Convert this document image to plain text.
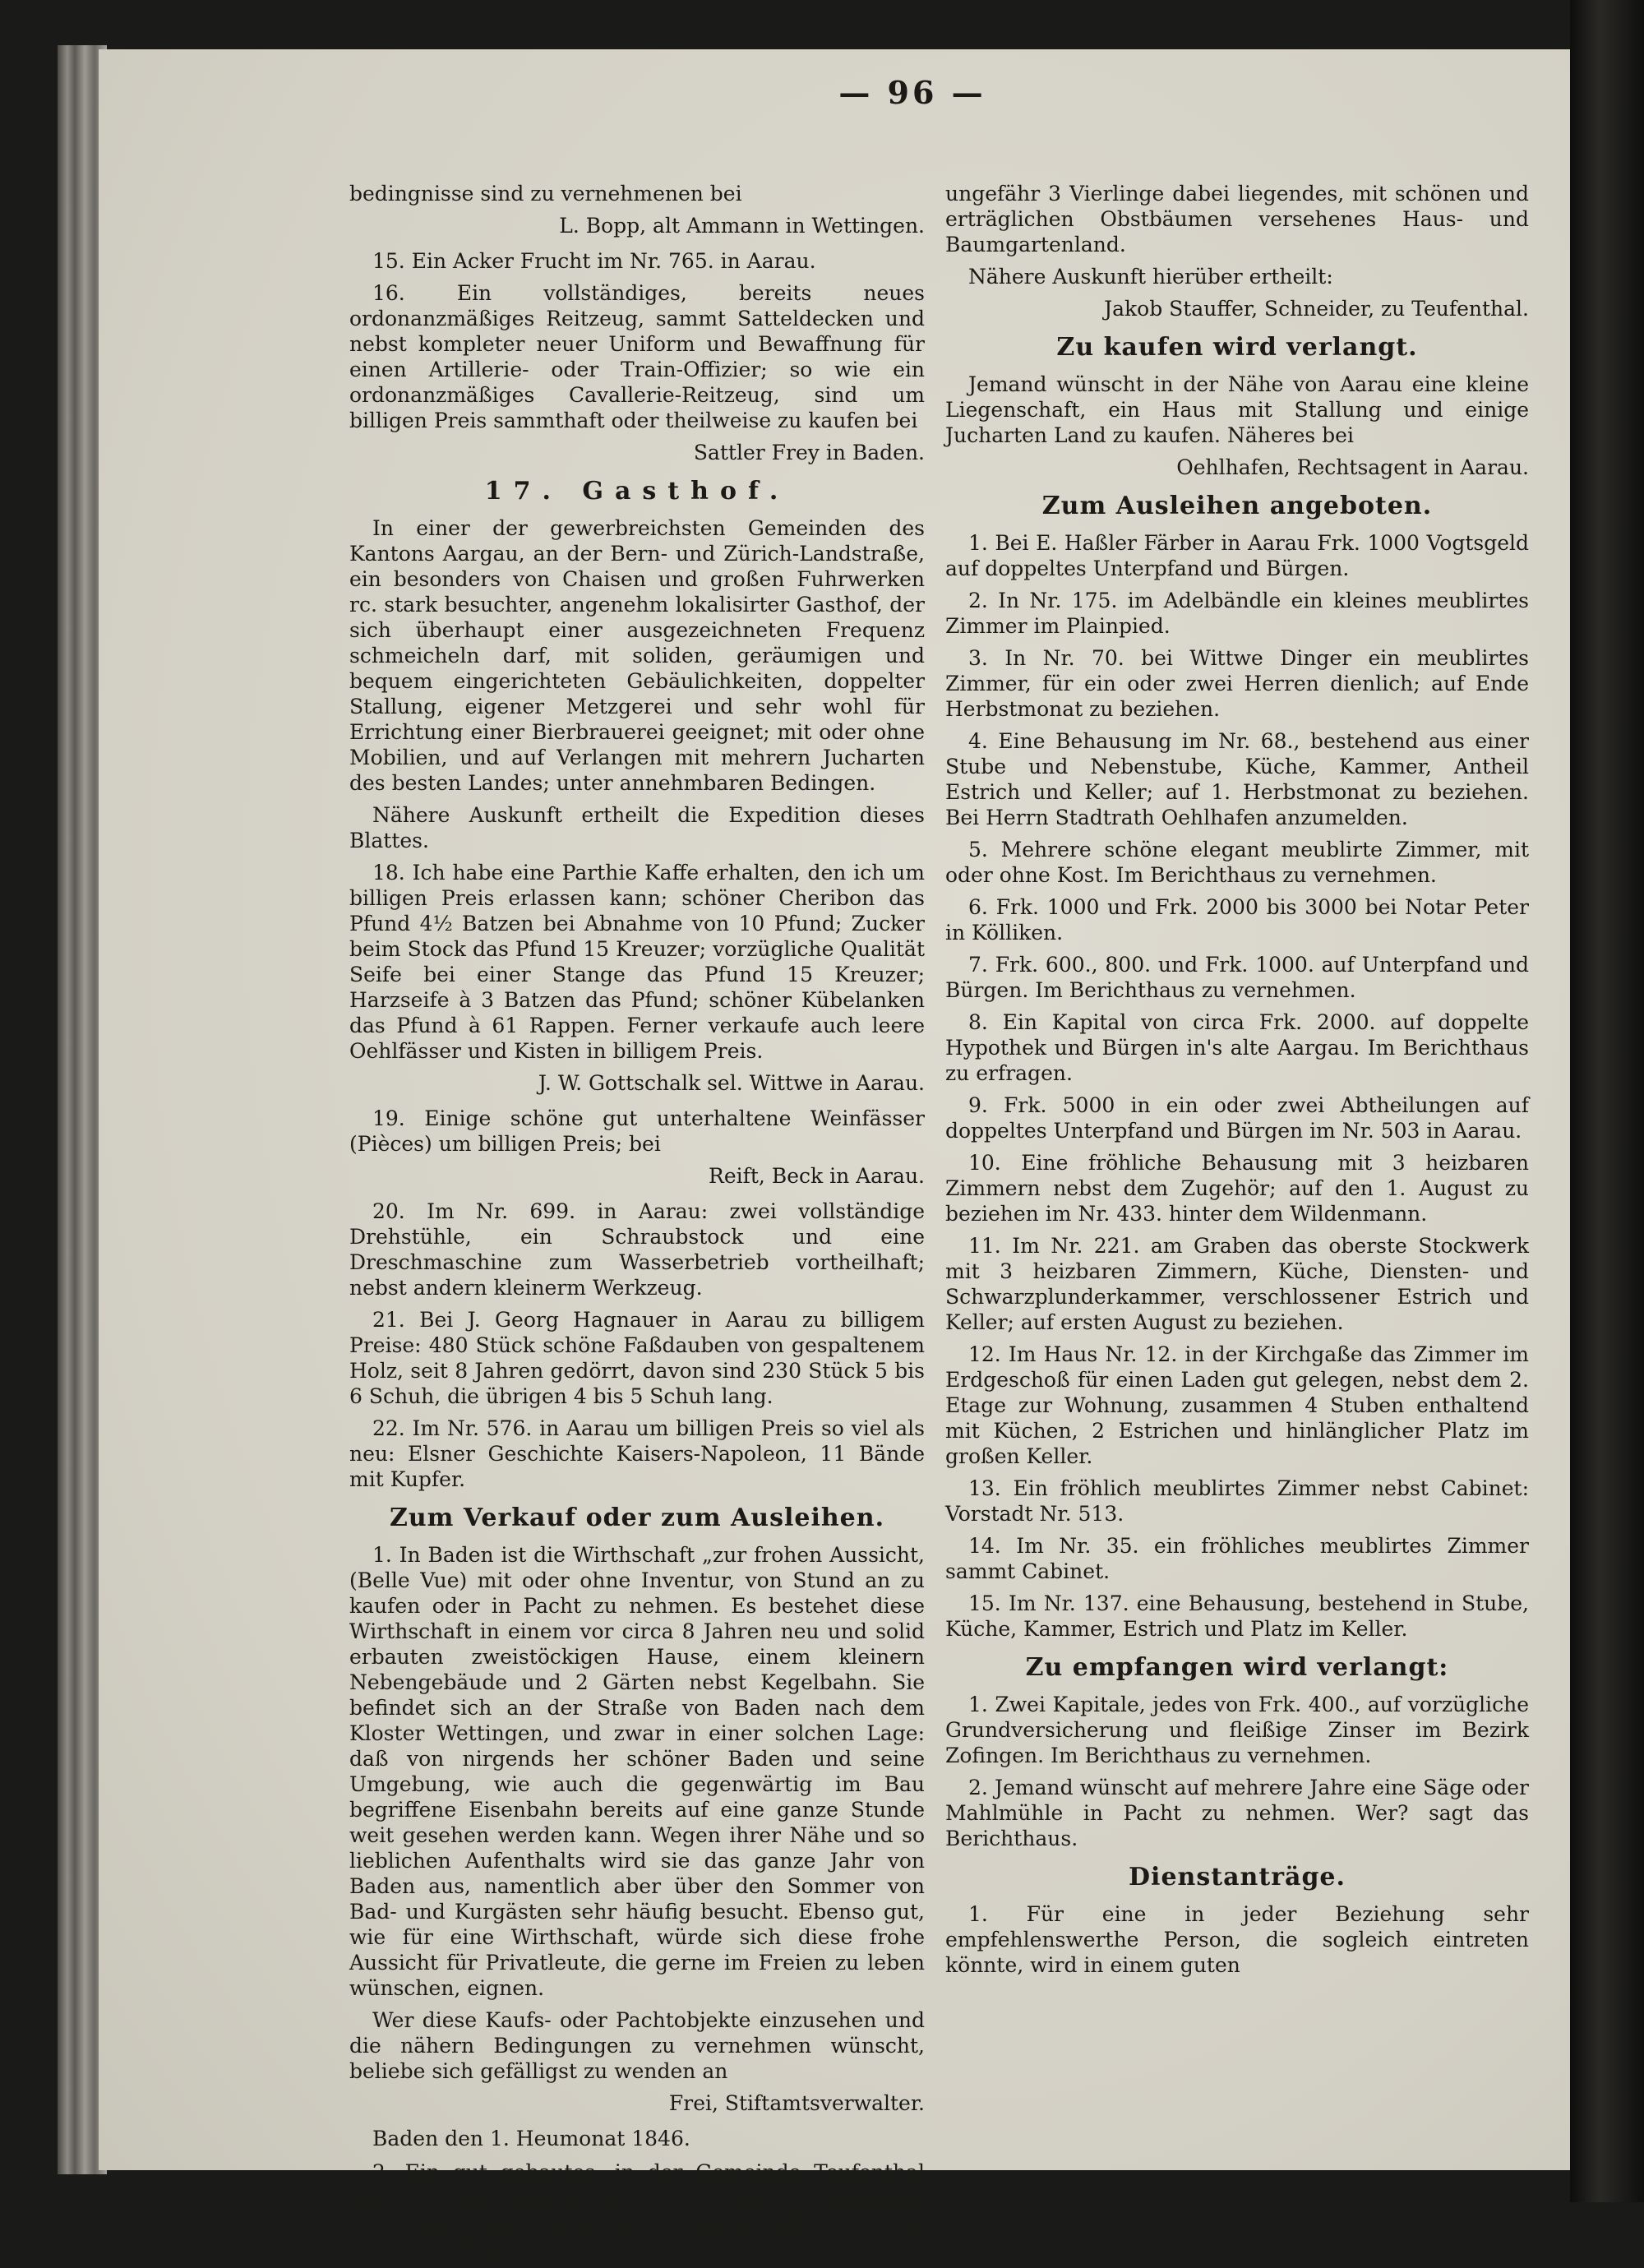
— 96 —

bedingnisse sind zu vernehmenen bei

L. Bopp, alt Ammann in Wettingen.

15. Ein Acker Frucht im Nr. 765. in Aarau.

16. Ein vollständiges, bereits neues ordonanzmäßiges Reitzeug, sammt Satteldecken und nebst kompleter neuer Uniform und Bewaffnung für einen Artillerie- oder Train-Offizier; so wie ein ordonanzmäßiges Cavallerie-Reitzeug, sind um billigen Preis sammthaft oder theilweise zu kaufen bei

Sattler Frey in Baden.

17. Gasthof.

In einer der gewerbreichsten Gemeinden des Kantons Aargau, an der Bern- und Zürich-Landstraße, ein besonders von Chaisen und großen Fuhrwerken rc. stark besuchter, angenehm lokalisirter Gasthof, der sich überhaupt einer ausgezeichneten Frequenz schmeicheln darf, mit soliden, geräumigen und bequem eingerichteten Gebäulichkeiten, doppelter Stallung, eigener Metzgerei und sehr wohl für Errichtung einer Bierbrauerei geeignet; mit oder ohne Mobilien, und auf Verlangen mit mehrern Jucharten des besten Landes; unter annehmbaren Bedingen.

Nähere Auskunft ertheilt die Expedition dieses Blattes.

18. Ich habe eine Parthie Kaffe erhalten, den ich um billigen Preis erlassen kann; schöner Cheribon das Pfund 4½ Batzen bei Abnahme von 10 Pfund; Zucker beim Stock das Pfund 15 Kreuzer; vorzügliche Qualität Seife bei einer Stange das Pfund 15 Kreuzer; Harzseife à 3 Batzen das Pfund; schöner Kübelanken das Pfund à 61 Rappen. Ferner verkaufe auch leere Oehlfässer und Kisten in billigem Preis.

J. W. Gottschalk sel. Wittwe in Aarau.

19. Einige schöne gut unterhaltene Weinfässer (Pièces) um billigen Preis; bei

Reift, Beck in Aarau.

20. Im Nr. 699. in Aarau: zwei vollständige Drehstühle, ein Schraubstock und eine Dreschmaschine zum Wasserbetrieb vortheilhaft; nebst andern kleinerm Werkzeug.

21. Bei J. Georg Hagnauer in Aarau zu billigem Preise: 480 Stück schöne Faßdauben von gespaltenem Holz, seit 8 Jahren gedörrt, davon sind 230 Stück 5 bis 6 Schuh, die übrigen 4 bis 5 Schuh lang.

22. Im Nr. 576. in Aarau um billigen Preis so viel als neu: Elsner Geschichte Kaisers-Napoleon, 11 Bände mit Kupfer.

Zum Verkauf oder zum Ausleihen.

1. In Baden ist die Wirthschaft „zur frohen Aussicht, (Belle Vue) mit oder ohne Inventur, von Stund an zu kaufen oder in Pacht zu nehmen. Es bestehet diese Wirthschaft in einem vor circa 8 Jahren neu und solid erbauten zweistöckigen Hause, einem kleinern Nebengebäude und 2 Gärten nebst Kegelbahn. Sie befindet sich an der Straße von Baden nach dem Kloster Wettingen, und zwar in einer solchen Lage: daß von nirgends her schöner Baden und seine Umgebung, wie auch die gegenwärtig im Bau begriffene Eisenbahn bereits auf eine ganze Stunde weit gesehen werden kann. Wegen ihrer Nähe und so lieblichen Aufenthalts wird sie das ganze Jahr von Baden aus, namentlich aber über den Sommer von Bad- und Kurgästen sehr häufig besucht. Ebenso gut, wie für eine Wirthschaft, würde sich diese frohe Aussicht für Privatleute, die gerne im Freien zu leben wünschen, eignen.

Wer diese Kaufs- oder Pachtobjekte einzusehen und die nähern Bedingungen zu vernehmen wünscht, beliebe sich gefälligst zu wenden an

Frei, Stiftamtsverwalter.

Baden den 1. Heumonat 1846.

2. Ein gut gebautes, in der Gemeinde Teufenthal und an der Straße nach Dürrenäsch gelegenes Wohnhaus mit Scheune, Schweinställen, einem laufenden Brunnen und

ungefähr 3 Vierlinge dabei liegendes, mit schönen und erträglichen Obstbäumen versehenes Haus- und Baumgartenland.

Nähere Auskunft hierüber ertheilt:

Jakob Stauffer, Schneider, zu Teufenthal.

Zu kaufen wird verlangt.

Jemand wünscht in der Nähe von Aarau eine kleine Liegenschaft, ein Haus mit Stallung und einige Jucharten Land zu kaufen. Näheres bei

Oehlhafen, Rechtsagent in Aarau.

Zum Ausleihen angeboten.

1. Bei E. Haßler Färber in Aarau Frk. 1000 Vogtsgeld auf doppeltes Unterpfand und Bürgen.

2. In Nr. 175. im Adelbändle ein kleines meublirtes Zimmer im Plainpied.

3. In Nr. 70. bei Wittwe Dinger ein meublirtes Zimmer, für ein oder zwei Herren dienlich; auf Ende Herbstmonat zu beziehen.

4. Eine Behausung im Nr. 68., bestehend aus einer Stube und Nebenstube, Küche, Kammer, Antheil Estrich und Keller; auf 1. Herbstmonat zu beziehen. Bei Herrn Stadtrath Oehlhafen anzumelden.

5. Mehrere schöne elegant meublirte Zimmer, mit oder ohne Kost. Im Berichthaus zu vernehmen.

6. Frk. 1000 und Frk. 2000 bis 3000 bei Notar Peter in Kölliken.

7. Frk. 600., 800. und Frk. 1000. auf Unterpfand und Bürgen. Im Berichthaus zu vernehmen.

8. Ein Kapital von circa Frk. 2000. auf doppelte Hypothek und Bürgen in's alte Aargau. Im Berichthaus zu erfragen.

9. Frk. 5000 in ein oder zwei Abtheilungen auf doppeltes Unterpfand und Bürgen im Nr. 503 in Aarau.

10. Eine fröhliche Behausung mit 3 heizbaren Zimmern nebst dem Zugehör; auf den 1. August zu beziehen im Nr. 433. hinter dem Wildenmann.

11. Im Nr. 221. am Graben das oberste Stockwerk mit 3 heizbaren Zimmern, Küche, Diensten- und Schwarzplunderkammer, verschlossener Estrich und Keller; auf ersten August zu beziehen.

12. Im Haus Nr. 12. in der Kirchgaße das Zimmer im Erdgeschoß für einen Laden gut gelegen, nebst dem 2. Etage zur Wohnung, zusammen 4 Stuben enthaltend mit Küchen, 2 Estrichen und hinlänglicher Platz im großen Keller.

13. Ein fröhlich meublirtes Zimmer nebst Cabinet: Vorstadt Nr. 513.

14. Im Nr. 35. ein fröhliches meublirtes Zimmer sammt Cabinet.

15. Im Nr. 137. eine Behausung, bestehend in Stube, Küche, Kammer, Estrich und Platz im Keller.

Zu empfangen wird verlangt:

1. Zwei Kapitale, jedes von Frk. 400., auf vorzügliche Grundversicherung und fleißige Zinser im Bezirk Zofingen. Im Berichthaus zu vernehmen.

2. Jemand wünscht auf mehrere Jahre eine Säge oder Mahlmühle in Pacht zu nehmen. Wer? sagt das Berichthaus.

Dienstanträge.

1. Für eine in jeder Beziehung sehr empfehlenswerthe Person, die sogleich eintreten könnte, wird in einem guten
